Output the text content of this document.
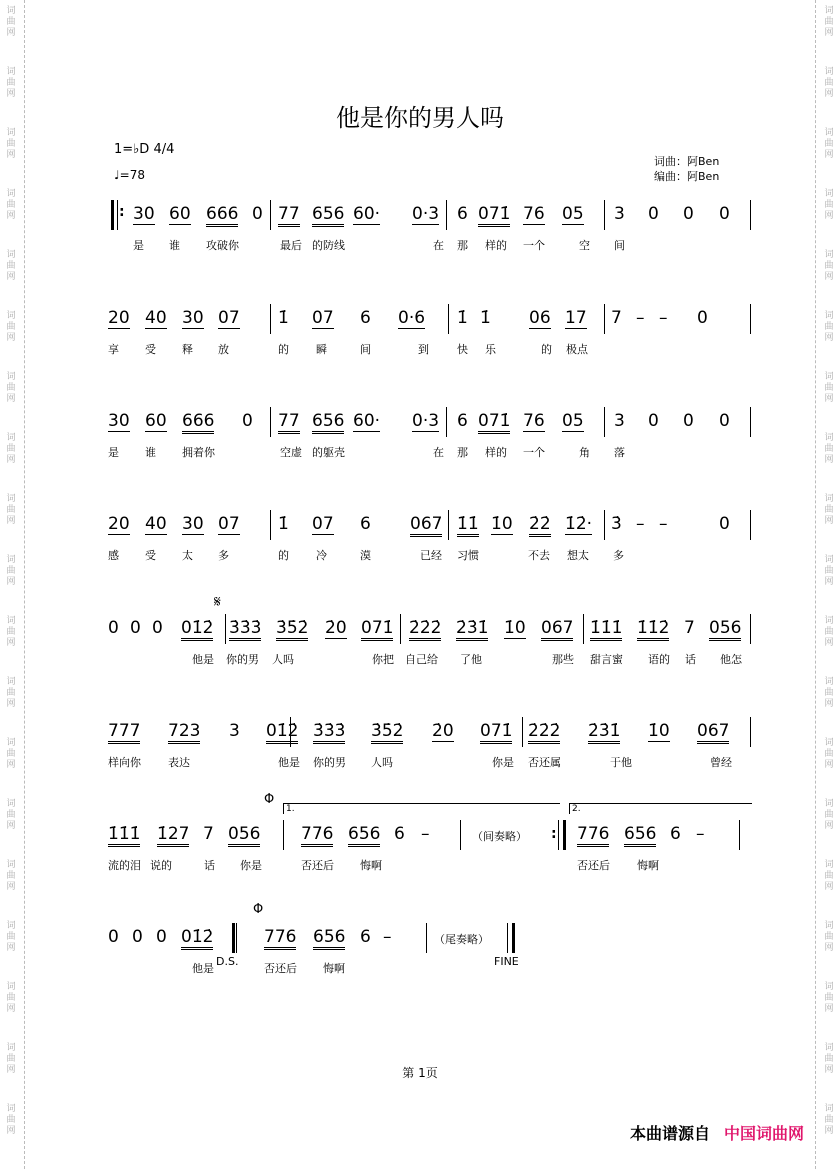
词
曲
网
词
曲
网
词
曲
网
词
曲
网
词
曲
网
词
曲
网
词
曲
网
词
曲
网
词
曲
网
词
曲
网
词
曲
网
词
曲
网
词
曲
网
词
曲
网
词
曲
网
词
曲
网
词
曲
网
词
曲
网
词
曲
网
词
曲
网
词
曲
网
词
曲
网
词
曲
网
词
曲
网
词
曲
网
词
曲
网
词
曲
网
词
曲
网
词
曲
网
词
曲
网
词
曲
网
词
曲
网
词
曲
网
词
曲
网
词
曲
网
词
曲
网
词
曲
网
词
曲
网
他是你的男人吗
1=♭D 4/4
♩=78
词曲：阿Ben
编曲：阿Ben
30 60 666 0 77 656 60· 0·3 6 071̇ 76 05 3 0 0 0
是 谁 攻破你	最后 的防线	在 那 样的 一个	空 间
20 40 30 07 1̇ 07 6 0·6 1̇ 1̇ 06 17 7 – – 0
享 受 释 放	的 瞬	间	到	快 乐	的 极点
30 60 666 0 77 656 60· 0·3 6 071̇ 76 05 3 0 0 0
是 谁 拥着你	空虚 的躯壳	在 那 样的 一个	角 落
20 40 30 07 1̇ 07 6 067 1̇1̇ 1̇0 2̇2̇ 1̇2̇· 3̇ – –	0
感 受 太 多	的 冷	漠	已经 习惯	不去 想太 多
0 0 0 01̇2̇ 3̇3̇3̇ 3̇5̇2̇ 2̇0 071̇ 2̇2̇2̇ 2̇3̇1̇ 1̇0 067 1̇1̇1̇ 1̇1̇2̇ 7 056
他是 你的男 人吗	你把 自己给 了他	那些 甜言蜜 语的 话 他怎
777 723 3 01̇2̇ 3̇3̇3̇ 3̇5̇2̇ 2̇0 071̇ 2̇2̇2̇ 2̇3̇1̇ 1̇0 067
样向你 表达	他是 你的男 人吗	你是 否还属	于他	曾经
1̇1̇1̇ 1̇27 7 056 776 656 6 –	776 656 6 –
流的泪 说的	话 你是	否还后 悔啊	否还后 悔啊
0 0 0 01̇2̇	776 656 6 –
他是	否还后 悔啊
:
𝄋
Φ
1.	2.
（间奏略） :
D.S.
Φ
（尾奏略）
FINE
第 1页
本曲谱源自 中国词曲网
